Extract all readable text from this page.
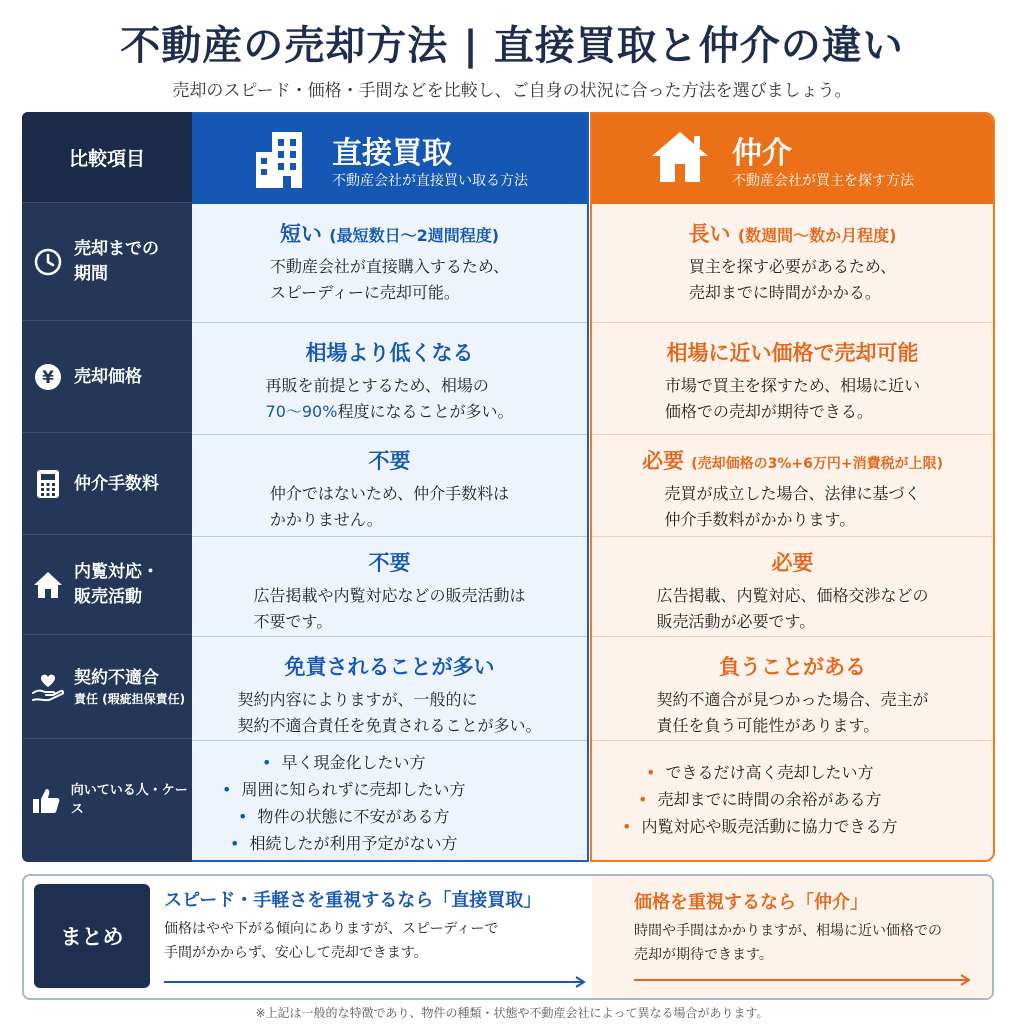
不動産の売却方法 | 直接買取と仲介の違い
売却のスピード・価格・手間などを比較し、ご自身の状況に合った方法を選びましょう。
比較項目
売却までの期間
¥ 売却価格
仲介手数料
内覧対応・
販売活動
契約不適合
責任 (瑕疵担保責任)
向いている人・ケース
直接買取
不動産会社が直接買い取る方法
短い (最短数日〜2週間程度)
不動産会社が直接購入するため、
スピーディーに売却可能。
相場より低くなる
再販を前提とするため、相場の
70〜90%程度になることが多い。
不要
仲介ではないため、仲介手数料は
かかりません。
不要
広告掲載や内覧対応などの販売活動は
不要です。
免責されることが多い
契約内容によりますが、一般的に
契約不適合責任を免責されることが多い。
• 早く現金化したい方
• 周囲に知られずに売却したい方
• 物件の状態に不安がある方
• 相続したが利用予定がない方
仲介
不動産会社が買主を探す方法
長い (数週間〜数か月程度)
買主を探す必要があるため、
売却までに時間がかかる。
相場に近い価格で売却可能
市場で買主を探すため、相場に近い
価格での売却が期待できる。
必要 (売却価格の3%+6万円+消費税が上限)
売買が成立した場合、法律に基づく
仲介手数料がかかります。
必要
広告掲載、内覧対応、価格交渉などの
販売活動が必要です。
負うことがある
契約不適合が見つかった場合、売主が
責任を負う可能性があります。
• できるだけ高く売却したい方
• 売却までに時間の余裕がある方
• 内覧対応や販売活動に協力できる方
まとめ
スピード・手軽さを重視するなら「直接買取」
価格はやや下がる傾向にありますが、スピーディーで
手間がかからず、安心して売却できます。
価格を重視するなら「仲介」
時間や手間はかかりますが、相場に近い価格での
売却が期待できます。
※上記は一般的な特徴であり、物件の種類・状態や不動産会社によって異なる場合があります。
